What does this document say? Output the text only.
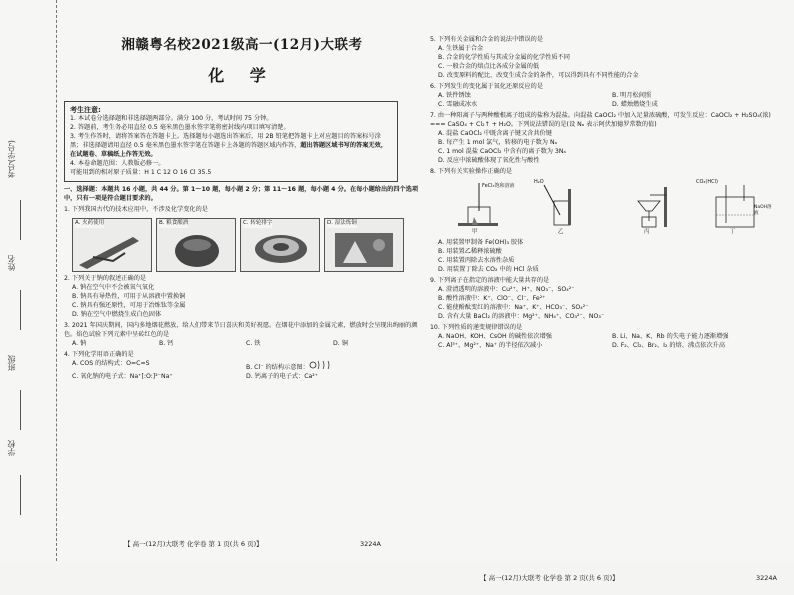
考号(学号)
姓名
班级
学校
湘赣粤名校2021级高一(12月)大联考
化 学
考生注意:
1. 本试卷分选择题和非选择题两部分。满分 100 分，考试时间 75 分钟。
2. 答题前，考生务必用直径 0.5 毫米黑色墨水签字笔将密封线内项目填写清楚。
3. 考生作答时，请将答案答在答题卡上。选择题每小题选出答案后，用 2B 铅笔把答题卡上对应题目的答案标号涂黑；非选择题请用直径 0.5 毫米黑色墨水签字笔在答题卡上各题的答题区域内作答，超出答题区域书写的答案无效，在试题卷、草稿纸上作答无效。
4. 本卷命题范围：人教版必修一。
可能用到的相对原子质量：H 1 C 12 O 16 Cl 35.5
一、选择题：本题共 16 小题，共 44 分。第 1～10 题，每小题 2 分；第 11～16 题，每小题 4 分。在每小题给出的四个选项中，只有一项是符合题目要求的。
1. 下列我国古代的技术应用中，不涉及化学变化的是
A. 火药使用	B. 粮食酿酒	C. 转轮排字	D. 湿法炼铜
2. 下列关于钠的叙述正确的是
A. 钠在空气中不会被氧气氧化
B. 钠具有导热性，可用于从溶液中置换铜
C. 钠具有强还原性，可用于冶炼钛等金属
D. 钠在空气中燃烧生成白色固体
3. 2021 年国庆期间，国内多地烟花燃放，给人们带来节日喜庆和美好祝愿。在烟花中添加的金属元素，燃放时会呈现出绚丽的颜色。焰色试验下列元素中呈砖红色的是
A. 钠	B. 钙	C. 铁	D. 铜
4. 下列化学用语正确的是
A. COS 的结构式：O=C=S
B. Cl⁻ 的结构示意图：
C. 氧化钠的电子式：Na⁺[:O:]²⁻Na⁺	D. 钙离子的电子式：Ca²⁺
【 高一(12月)大联考 化学卷 第 1 页(共 6 页)】	3224A
5. 下列有关金属和合金的说法中错误的是
A. 生铁属于合金
B. 合金的化学性质与其成分金属的化学性质不同
C. 一般合金的熔点比各成分金属的低
D. 改变原料的配比、改变生成合金的条件，可以得到具有不同性能的合金
6. 下列发生的变化属于氧化还原反应的是
A. 铁件锈蚀	B. 明月松间照
C. 雪融成冰水	D. 蜡烛燃烧生成
7. 由一种阳离子与两种酸根离子组成的盐称为混盐。向混盐 CaOCl₂ 中加入足量浓硫酸，可发生反应：CaOCl₂ + H₂SO₄(浓) === CaSO₄ + Cl₂↑ + H₂O。下列说法错误的是(设 Nₐ 表示阿伏加德罗常数的值)
A. 混盐 CaOCl₂ 中既含离子键又含共价键
B. 每产生 1 mol 氯气，转移的电子数为 Nₐ
C. 1 mol 混盐 CaOCl₂ 中含有的离子数为 3Nₐ
D. 反应中浓硫酸体现了氧化性与酸性
8. 下列有关实验操作正确的是
FeCl₃饱和溶液
甲
H₂O
乙	丙
CO₂(HCl)
NaOH溶液
丁
A. 用装置甲制备 Fe(OH)₃ 胶体
B. 用装置乙稀释浓硫酸
C. 用装置丙除去水溶性杂质
D. 用装置丁除去 CO₂ 中的 HCl 杂质
9. 下列离子在指定的溶液中能大量共存的是
A. 澄清透明的溶液中：Cu²⁺、H⁺、NO₃⁻、SO₄²⁻
B. 酸性溶液中：K⁺、ClO⁻、Cl⁻、Fe²⁺
C. 能使酚酞变红的溶液中：Na⁺、K⁺、HCO₃⁻、SO₄²⁻
D. 含有大量 BaCl₂ 的溶液中：Mg²⁺、NH₄⁺、CO₃²⁻、NO₃⁻
10. 下列性质的递变规律错误的是
A. NaOH、KOH、CsOH 的碱性依次增强	B. Li、Na、K、Rb 的失电子能力逐渐增强
C. Al³⁺、Mg²⁺、Na⁺ 的半径依次减小	D. F₂、Cl₂、Br₂、I₂ 的熔、沸点依次升高
【 高一(12月)大联考 化学卷 第 2 页(共 6 页)】	3224A
